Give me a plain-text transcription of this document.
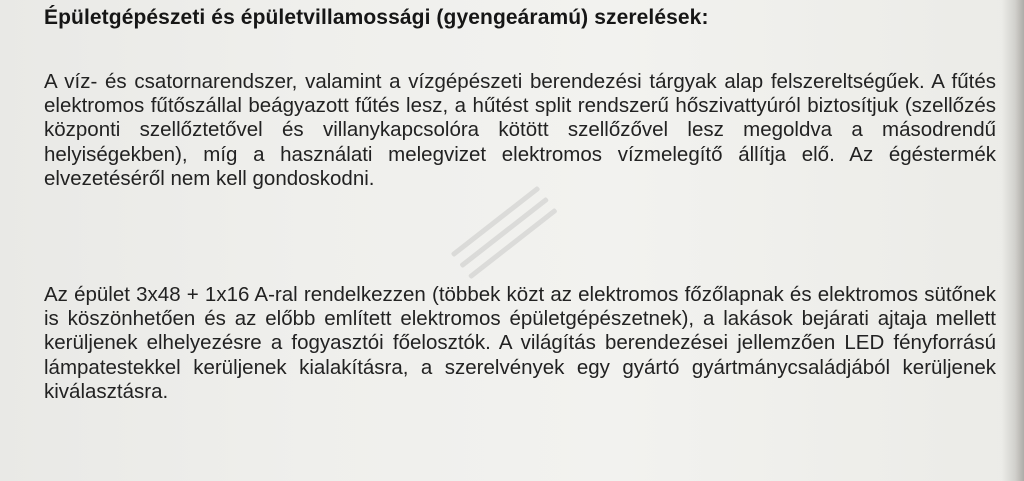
Épületgépészeti és épületvillamossági (gyengeáramú) szerelések:
A víz- és csatornarendszer, valamint a vízgépészeti berendezési tárgyak alap felszereltségűek. A fűtés elektromos fűtőszállal beágyazott fűtés lesz, a hűtést split rendszerű hőszivattyúról biztosítjuk (szellőzés központi szellőztetővel és villanykapcsolóra kötött szellőzővel lesz megoldva a másodrendű helyiségekben), míg a használati melegvizet elektromos vízmelegítő állítja elő. Az égéstermék elvezetéséről nem kell gondoskodni.
Az épület 3x48 + 1x16 A-ral rendelkezzen (többek közt az elektromos főzőlapnak és elektromos sütőnek is köszönhetően és az előbb említett elektromos épületgépészetnek), a lakások bejárati ajtaja mellett kerüljenek elhelyezésre a fogyasztói főelosztók. A világítás berendezései jellemzően LED fényforrású lámpatestekkel kerüljenek kialakításra, a szerelvények egy gyártó gyártmánycsaládjából kerüljenek kiválasztásra.
